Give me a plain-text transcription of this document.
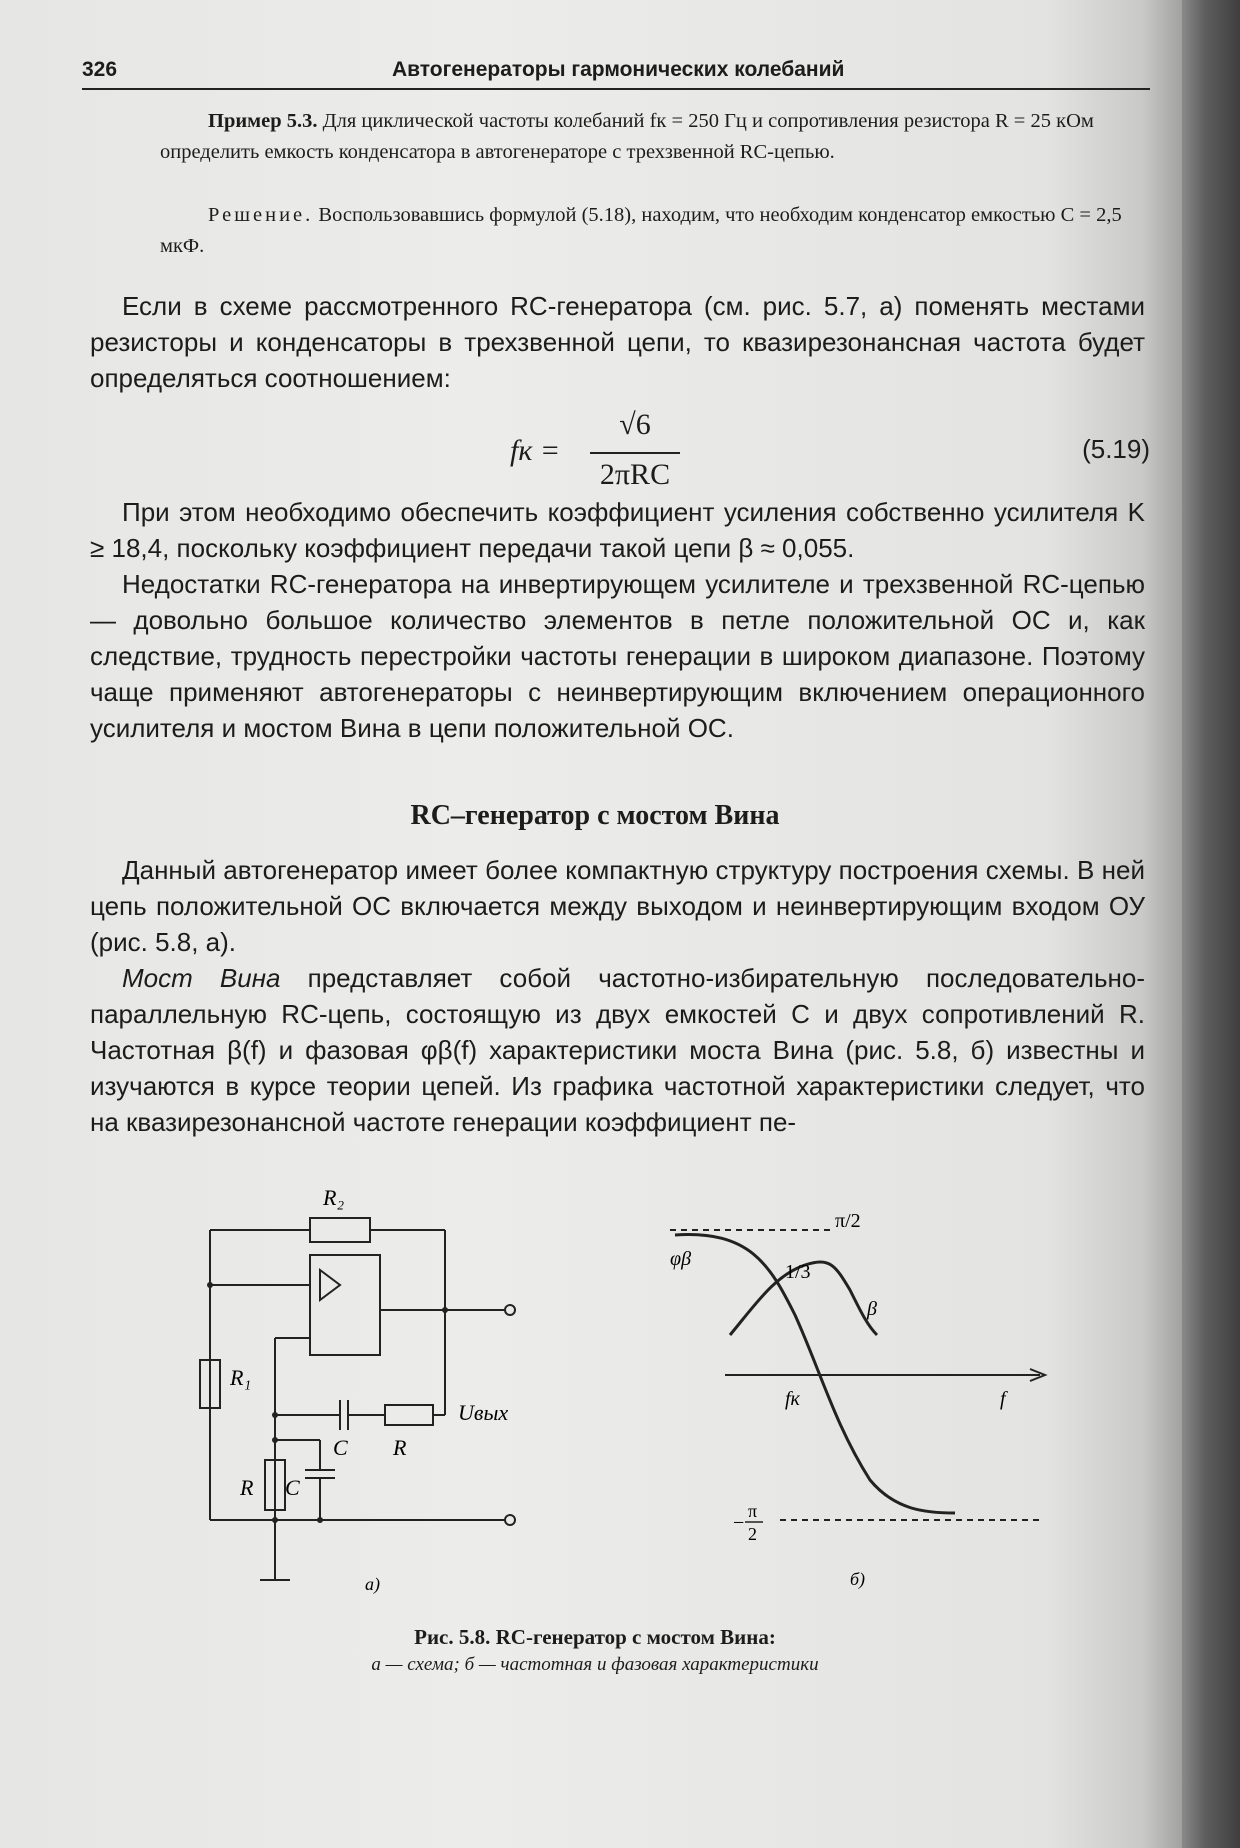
326	Автогенераторы гармонических колебаний
Пример 5.3. Для циклической частоты колебаний fк = 250 Гц и сопротивления резистора R = 25 кОм определить емкость конденсатора в автогенераторе с трехзвенной RC-цепью.
Решение. Воспользовавшись формулой (5.18), находим, что необходим конденсатор емкостью C = 2,5 мкФ.

Если в схеме рассмотренного RC-генератора (см. рис. 5.7, а) поменять местами резисторы и конденсаторы в трехзвенной цепи, то квазирезонансная частота будет определяться соотношением:

fк =
√6
2πRC
(5.19)

При этом необходимо обеспечить коэффициент усиления собственно усилителя K ≥ 18,4, поскольку коэффициент передачи такой цепи β ≈ 0,055.

Недостатки RC-генератора на инвертирующем усилителе и трехзвенной RC-цепью — довольно большое количество элементов в петле положительной ОС и, как следствие, трудность перестройки частоты генерации в широком диапазоне. Поэтому чаще применяют автогенераторы с неинвертирующим включением операционного усилителя и мостом Вина в цепи положительной ОС.

RC–генератор с мостом Вина

Данный автогенератор имеет более компактную структуру построения схемы. В ней цепь положительной ОС включается между выходом и неинвертирующим входом ОУ (рис. 5.8, а).

Мост Вина представляет собой частотно-избирательную последовательно-параллельную RC-цепь, состоящую из двух емкостей C и двух сопротивлений R. Частотная β(f) и фазовая φβ(f) характеристики моста Вина (рис. 5.8, б) известны и изучаются в курсе теории цепей. Из графика частотной характеристики следует, что на квазирезонансной частоте генерации коэффициент пе-

R₂
R₁
C R
R C
Uвых
а)
π/2
φβ
1/3
β
fк	f
−
π
2
б)
Рис. 5.8. RC-генератор с мостом Вина:
а — схема; б — частотная и фазовая характеристики
